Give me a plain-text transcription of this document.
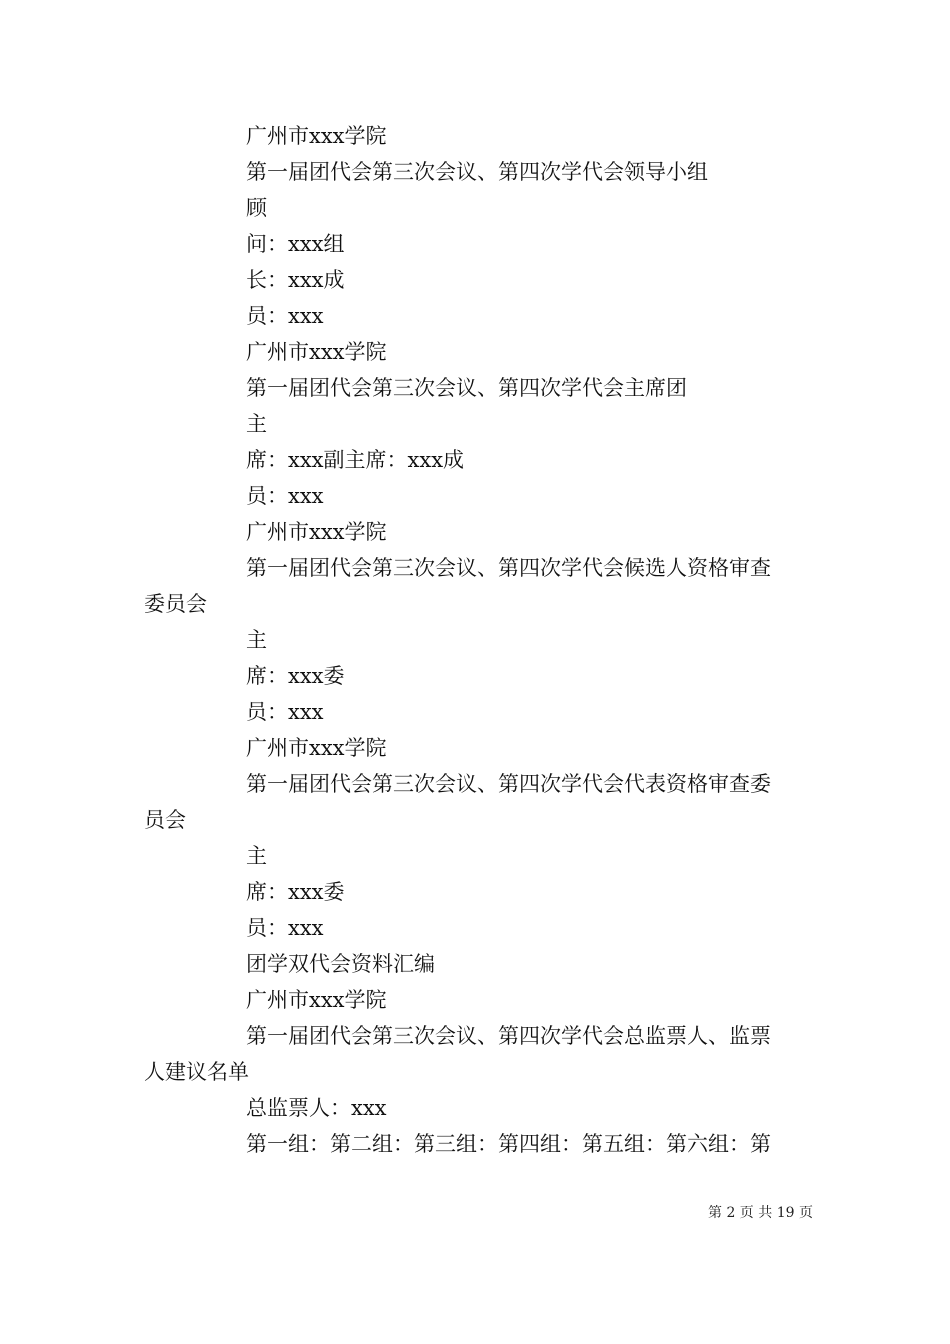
广州市xxx学院
第一届团代会第三次会议、第四次学代会领导小组
顾
问：xxx组
长：xxx成
员：xxx
广州市xxx学院
第一届团代会第三次会议、第四次学代会主席团
主
席：xxx副主席：xxx成
员：xxx
广州市xxx学院
第一届团代会第三次会议、第四次学代会候选人资格审查
委员会
主
席：xxx委
员：xxx
广州市xxx学院
第一届团代会第三次会议、第四次学代会代表资格审查委
员会
主
席：xxx委
员：xxx
团学双代会资料汇编
广州市xxx学院
第一届团代会第三次会议、第四次学代会总监票人、监票
人建议名单
总监票人：xxx
第一组：第二组：第三组：第四组：第五组：第六组：第
第 2 页 共 19 页
